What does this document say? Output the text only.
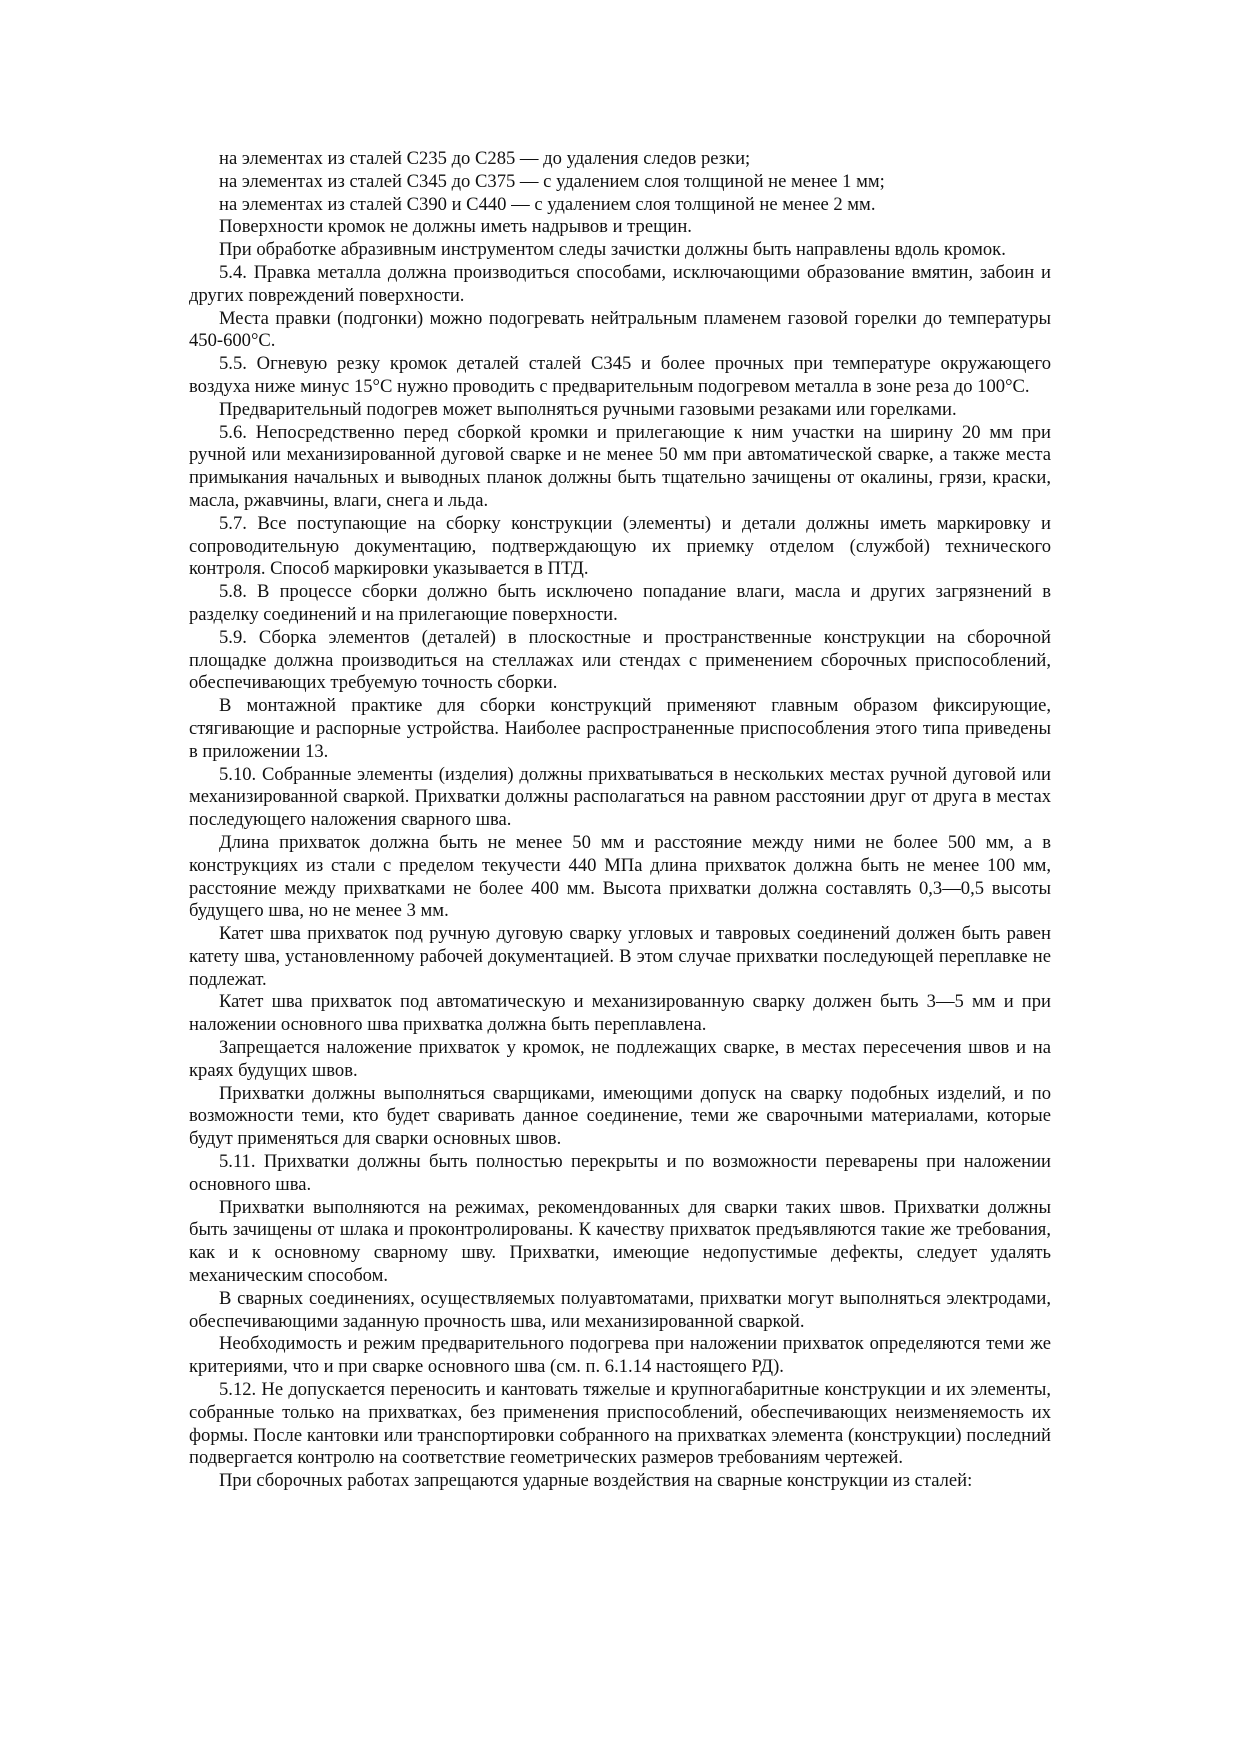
на элементах из сталей С235 до С285 — до удаления следов резки;

на элементах из сталей С345 до С375 — с удалением слоя толщиной не менее 1 мм;

на элементах из сталей С390 и С440 — с удалением слоя толщиной не менее 2 мм.

Поверхности кромок не должны иметь надрывов и трещин.

При обработке абразивным инструментом следы зачистки должны быть направлены вдоль кромок.

5.4. Правка металла должна производиться способами, исключающими образование вмятин, забоин и других повреждений поверхности.

Места правки (подгонки) можно подогревать нейтральным пламенем газовой горелки до температуры 450-600°С.

5.5. Огневую резку кромок деталей сталей С345 и более прочных при температуре окружающего воздуха ниже минус 15°С нужно проводить с предварительным подогревом металла в зоне реза до 100°С.

Предварительный подогрев может выполняться ручными газовыми резаками или горелками.

5.6. Непосредственно перед сборкой кромки и прилегающие к ним участки на ширину 20 мм при ручной или механизированной дуговой сварке и не менее 50 мм при автоматической сварке, а также места примыкания начальных и выводных планок должны быть тщательно зачищены от окалины, грязи, краски, масла, ржавчины, влаги, снега и льда.

5.7. Все поступающие на сборку конструкции (элементы) и детали должны иметь маркировку и сопроводительную документацию, подтверждающую их приемку отделом (службой) технического контроля. Способ маркировки указывается в ПТД.

5.8. В процессе сборки должно быть исключено попадание влаги, масла и других загрязнений в разделку соединений и на прилегающие поверхности.

5.9. Сборка элементов (деталей) в плоскостные и пространственные конструкции на сборочной площадке должна производиться на стеллажах или стендах с применением сборочных приспособлений, обеспечивающих требуемую точность сборки.

В монтажной практике для сборки конструкций применяют главным образом фиксирующие, стягивающие и распорные устройства. Наиболее распространенные приспособления этого типа приведены в приложении 13.

5.10. Собранные элементы (изделия) должны прихватываться в нескольких местах ручной дуговой или механизированной сваркой. Прихватки должны располагаться на равном расстоянии друг от друга в местах последующего наложения сварного шва.

Длина прихваток должна быть не менее 50 мм и расстояние между ними не более 500 мм, а в конструкциях из стали с пределом текучести 440 МПа длина прихваток должна быть не менее 100 мм, расстояние между прихватками не более 400 мм. Высота прихватки должна составлять 0,3—0,5 высоты будущего шва, но не менее 3 мм.

Катет шва прихваток под ручную дуговую сварку угловых и тавровых соединений должен быть равен катету шва, установленному рабочей документацией. В этом случае прихватки последующей переплавке не подлежат.

Катет шва прихваток под автоматическую и механизированную сварку должен быть 3—5 мм и при наложении основного шва прихватка должна быть переплавлена.

Запрещается наложение прихваток у кромок, не подлежащих сварке, в местах пересечения швов и на краях будущих швов.

Прихватки должны выполняться сварщиками, имеющими допуск на сварку подобных изделий, и по возможности теми, кто будет сваривать данное соединение, теми же сварочными материалами, которые будут применяться для сварки основных швов.

5.11. Прихватки должны быть полностью перекрыты и по возможности переварены при наложении основного шва.

Прихватки выполняются на режимах, рекомендованных для сварки таких швов. Прихватки должны быть зачищены от шлака и проконтролированы. К качеству прихваток предъявляются такие же требования, как и к основному сварному шву. Прихватки, имеющие недопустимые дефекты, следует удалять механическим способом.

В сварных соединениях, осуществляемых полуавтоматами, прихватки могут выполняться электродами, обеспечивающими заданную прочность шва, или механизированной сваркой.

Необходимость и режим предварительного подогрева при наложении прихваток определяются теми же критериями, что и при сварке основного шва (см. п. 6.1.14 настоящего РД).

5.12. Не допускается переносить и кантовать тяжелые и крупногабаритные конструкции и их элементы, собранные только на прихватках, без применения приспособлений, обеспечивающих неизменяемость их формы. После кантовки или транспортировки собранного на прихватках элемента (конструкции) последний подвергается контролю на соответствие геометрических размеров требованиям чертежей.

При сборочных работах запрещаются ударные воздействия на сварные конструкции из сталей:
